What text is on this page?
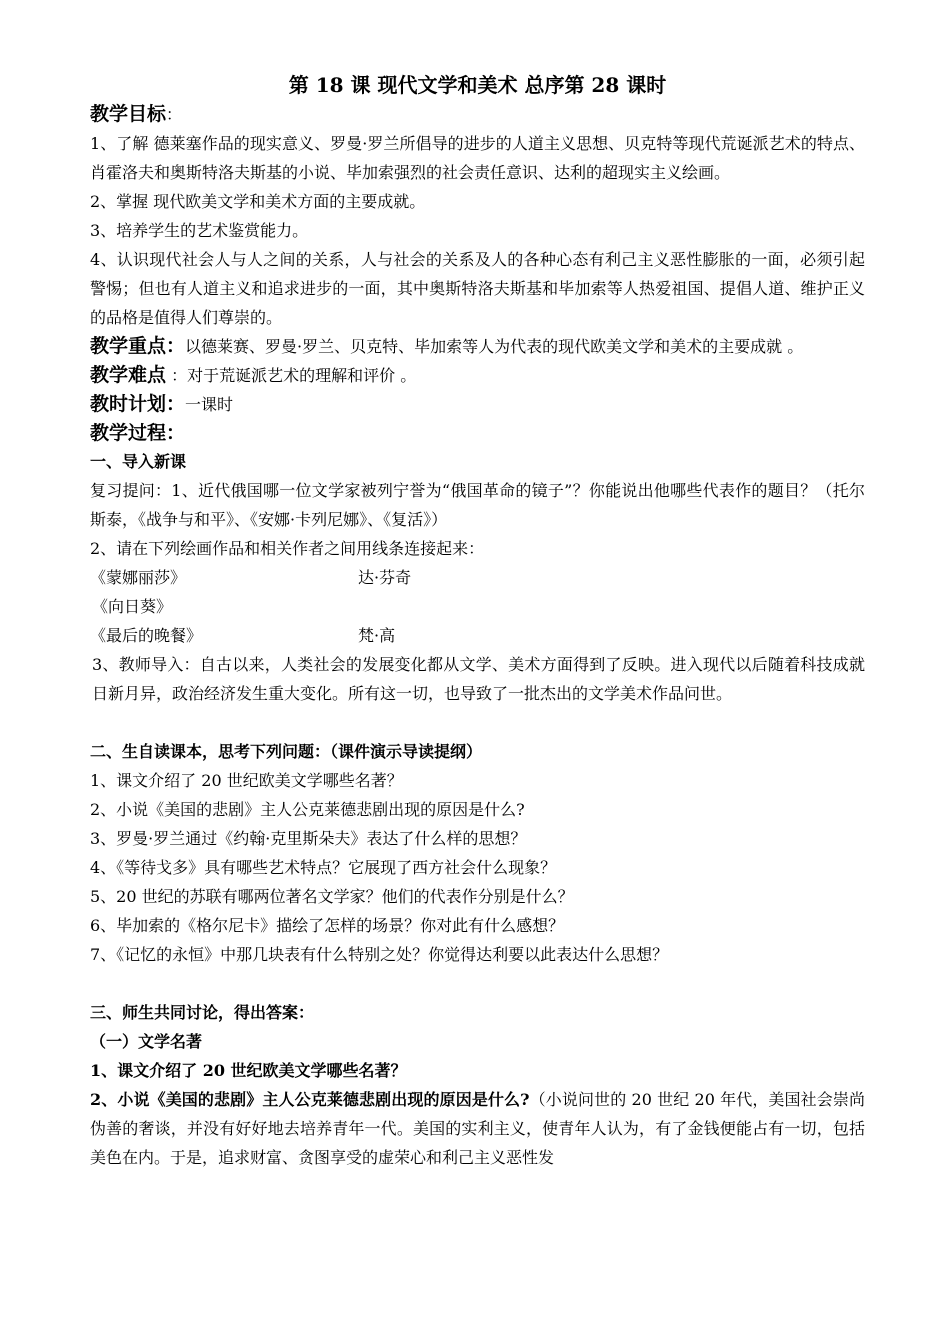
第 18 课 现代文学和美术 总序第 28 课时
教学目标：

1、了解 德莱塞作品的现实意义、罗曼·罗兰所倡导的进步的人道主义思想、贝克特等现代荒诞派艺术的特点、肖霍洛夫和奥斯特洛夫斯基的小说、毕加索强烈的社会责任意识、达利的超现实主义绘画。

2、掌握 现代欧美文学和美术方面的主要成就。

3、培养学生的艺术鉴赏能力。

4、认识现代社会人与人之间的关系，人与社会的关系及人的各种心态有利己主义恶性膨胀的一面，必须引起警惕；但也有人道主义和追求进步的一面，其中奥斯特洛夫斯基和毕加索等人热爱祖国、提倡人道、维护正义的品格是值得人们尊崇的。

教学重点：以德莱赛、罗曼·罗兰、贝克特、毕加索等人为代表的现代欧美文学和美术的主要成就 。

教学难点 ：对于荒诞派艺术的理解和评价 。

教时计划：一课时

教学过程：

一、导入新课

复习提问：1、近代俄国哪一位文学家被列宁誉为“俄国革命的镜子”？你能说出他哪些代表作的题目？（托尔斯泰，《战争与和平》、《安娜·卡列尼娜》、《复活》）

2、请在下列绘画作品和相关作者之间用线条连接起来：

《蒙娜丽莎》	达·芬奇
《向日葵》
《最后的晚餐》	梵·高

3、教师导入：自古以来，人类社会的发展变化都从文学、美术方面得到了反映。进入现代以后随着科技成就日新月异，政治经济发生重大变化。所有这一切，也导致了一批杰出的文学美术作品问世。

二、生自读课本，思考下列问题：（课件演示导读提纲）

1、课文介绍了 20 世纪欧美文学哪些名著？

2、小说《美国的悲剧》主人公克莱德悲剧出现的原因是什么?

3、罗曼·罗兰通过《约翰·克里斯朵夫》表达了什么样的思想？

4、《等待戈多》具有哪些艺术特点？它展现了西方社会什么现象？

5、20 世纪的苏联有哪两位著名文学家？他们的代表作分别是什么？

6、毕加索的《格尔尼卡》描绘了怎样的场景？你对此有什么感想？

7、《记忆的永恒》中那几块表有什么特别之处？你觉得达利要以此表达什么思想？

三、师生共同讨论，得出答案：

（一）文学名著

1、课文介绍了 20 世纪欧美文学哪些名著？

2、小说《美国的悲剧》主人公克莱德悲剧出现的原因是什么?（小说问世的 20 世纪 20 年代，美国社会崇尚伪善的奢谈，并没有好好地去培养青年一代。美国的实利主义，使青年人认为，有了金钱便能占有一切，包括美色在内。于是，追求财富、贪图享受的虚荣心和利己主义恶性发
